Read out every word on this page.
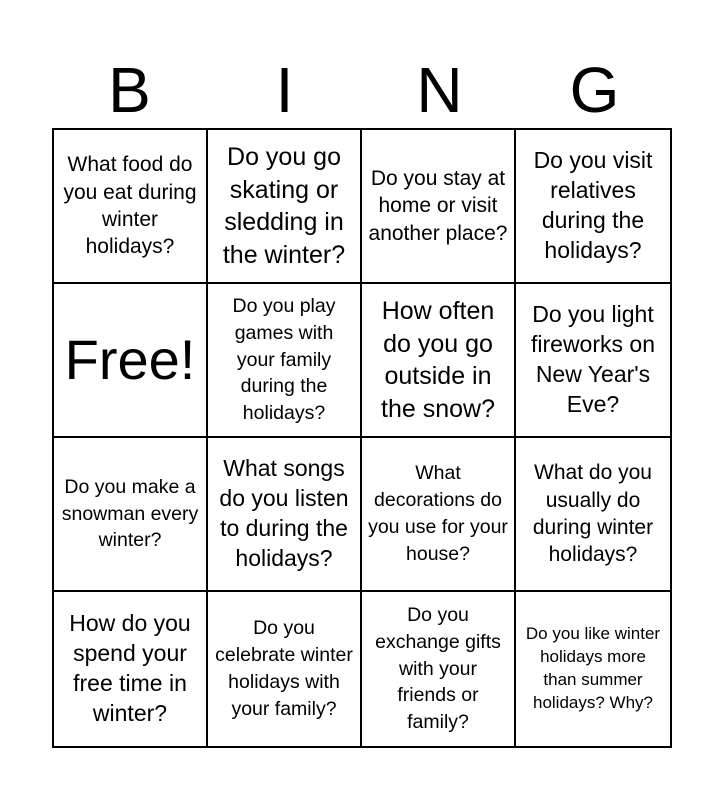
B	I	N	G
What food do you eat during winter holidays?
Do you go skating or sledding in the winter?
Do you stay at home or visit another place?
Do you visit relatives during the holidays?
Free!
Do you play games with your family during the holidays?
How often do you go outside in the snow?
Do you light fireworks on New Year's Eve?
Do you make a snowman every winter?
What songs do you listen to during the holidays?
What decorations do you use for your house?
What do you usually do during winter holidays?
How do you spend your free time in winter?
Do you celebrate winter holidays with your family?
Do you exchange gifts with your friends or family?
Do you like winter holidays more than summer holidays? Why?
